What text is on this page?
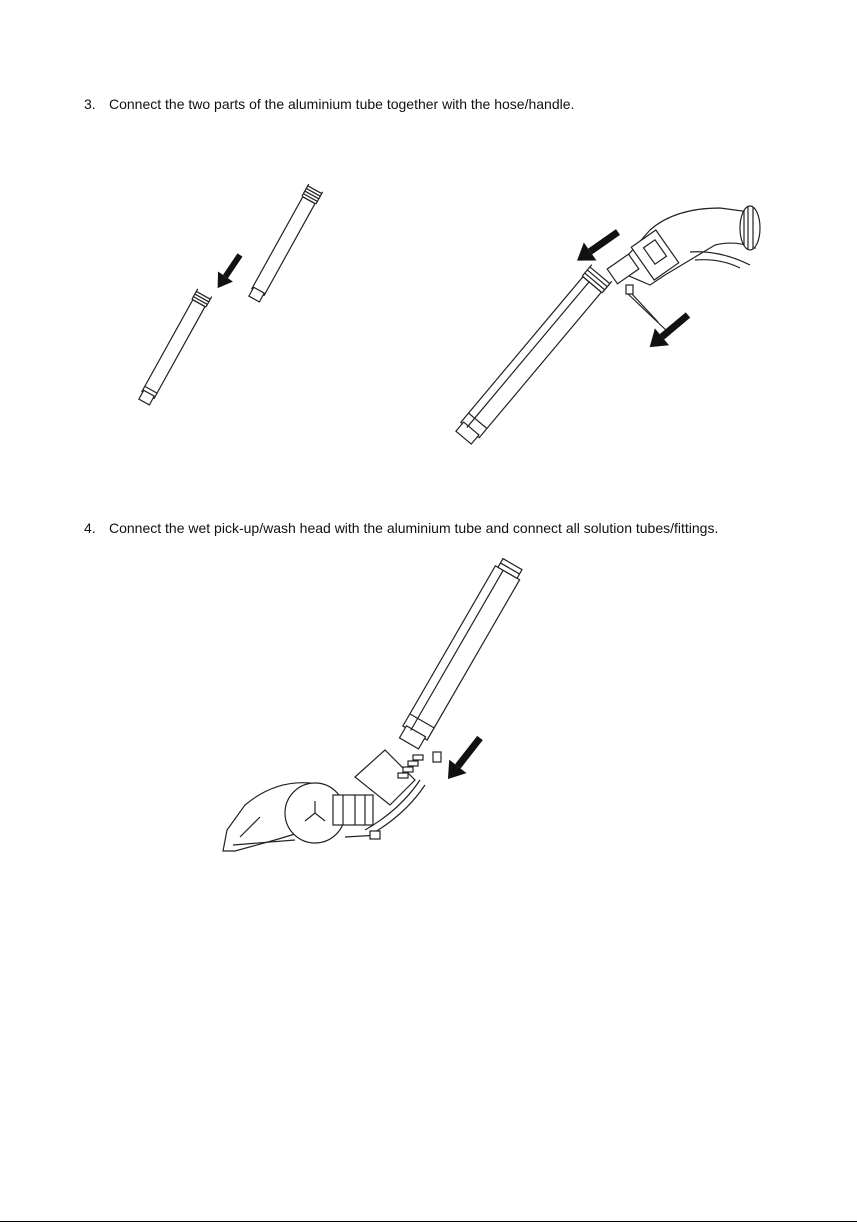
3. Connect the two parts of the aluminium tube together with the hose/handle.
4. Connect the wet pick-up/wash head with the aluminium tube and connect all solution tubes/fittings.
